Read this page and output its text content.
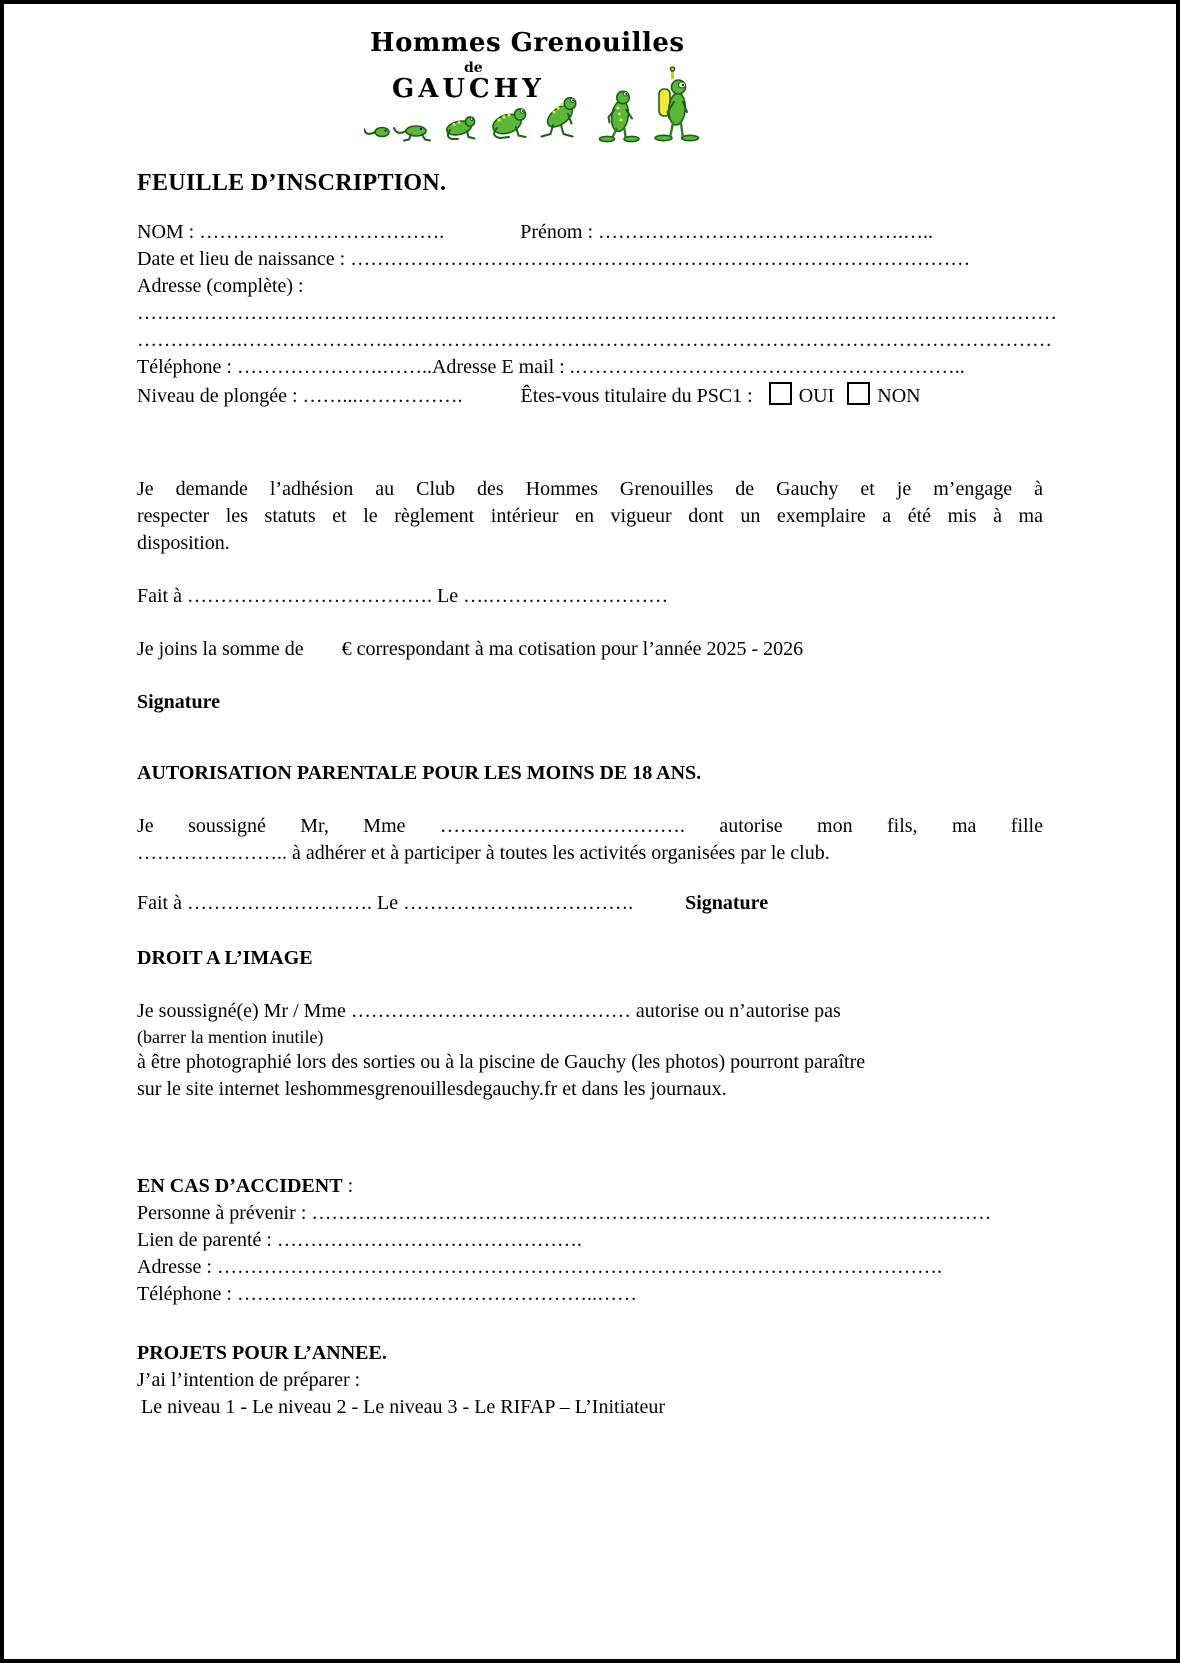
Hommes Grenouilles
de
GAUCHY
FEUILLE D’INSCRIPTION.
NOM : ……………………………….	Prénom : ……………………………………….…..
Date et lieu de naissance : …………………………………………………………………………………
Adresse (complète) :
…………………………………………………………………………………………………………………………
…………….………………….………………………….……………………………………………………………
Téléphone : ………………….……..Adresse E mail : .…………………………………………………..
Niveau de plongée : ……...…………….	Êtes-vous titulaire du PSC1 : OUI NON
Je demande l’adhésion au Club des Hommes Grenouilles de Gauchy et je m’engage à
respecter les statuts et le règlement intérieur en vigueur dont un exemplaire a été mis à ma
disposition.
Fait à ………………………………. Le ….………………………
Je joins la somme de € correspondant à ma cotisation pour l’année 2025 - 2026
Signature
AUTORISATION PARENTALE POUR LES MOINS DE 18 ANS.
Je soussigné Mr, Mme ………………………………. autorise mon fils, ma fille
………………….. à adhérer et à participer à toutes les activités organisées par le club.
Fait à ………………………. Le ……………….…………….	Signature
DROIT A L’IMAGE
Je soussigné(e) Mr / Mme …………………………………… autorise ou n’autorise pas
(barrer la mention inutile)
à être photographié lors des sorties ou à la piscine de Gauchy (les photos) pourront paraître
sur le site internet leshommesgrenouillesdegauchy.fr et dans les journaux.
EN CAS D’ACCIDENT :
Personne à prévenir : …………………………………………………………………………………………
Lien de parenté : ……………………………………….
Adresse : ……………………………………………………………………………………………….
Téléphone : ……………………..………………………..……
PROJETS POUR L’ANNEE.
J’ai l’intention de préparer :
Le niveau 1 - Le niveau 2 - Le niveau 3 - Le RIFAP – L’Initiateur
